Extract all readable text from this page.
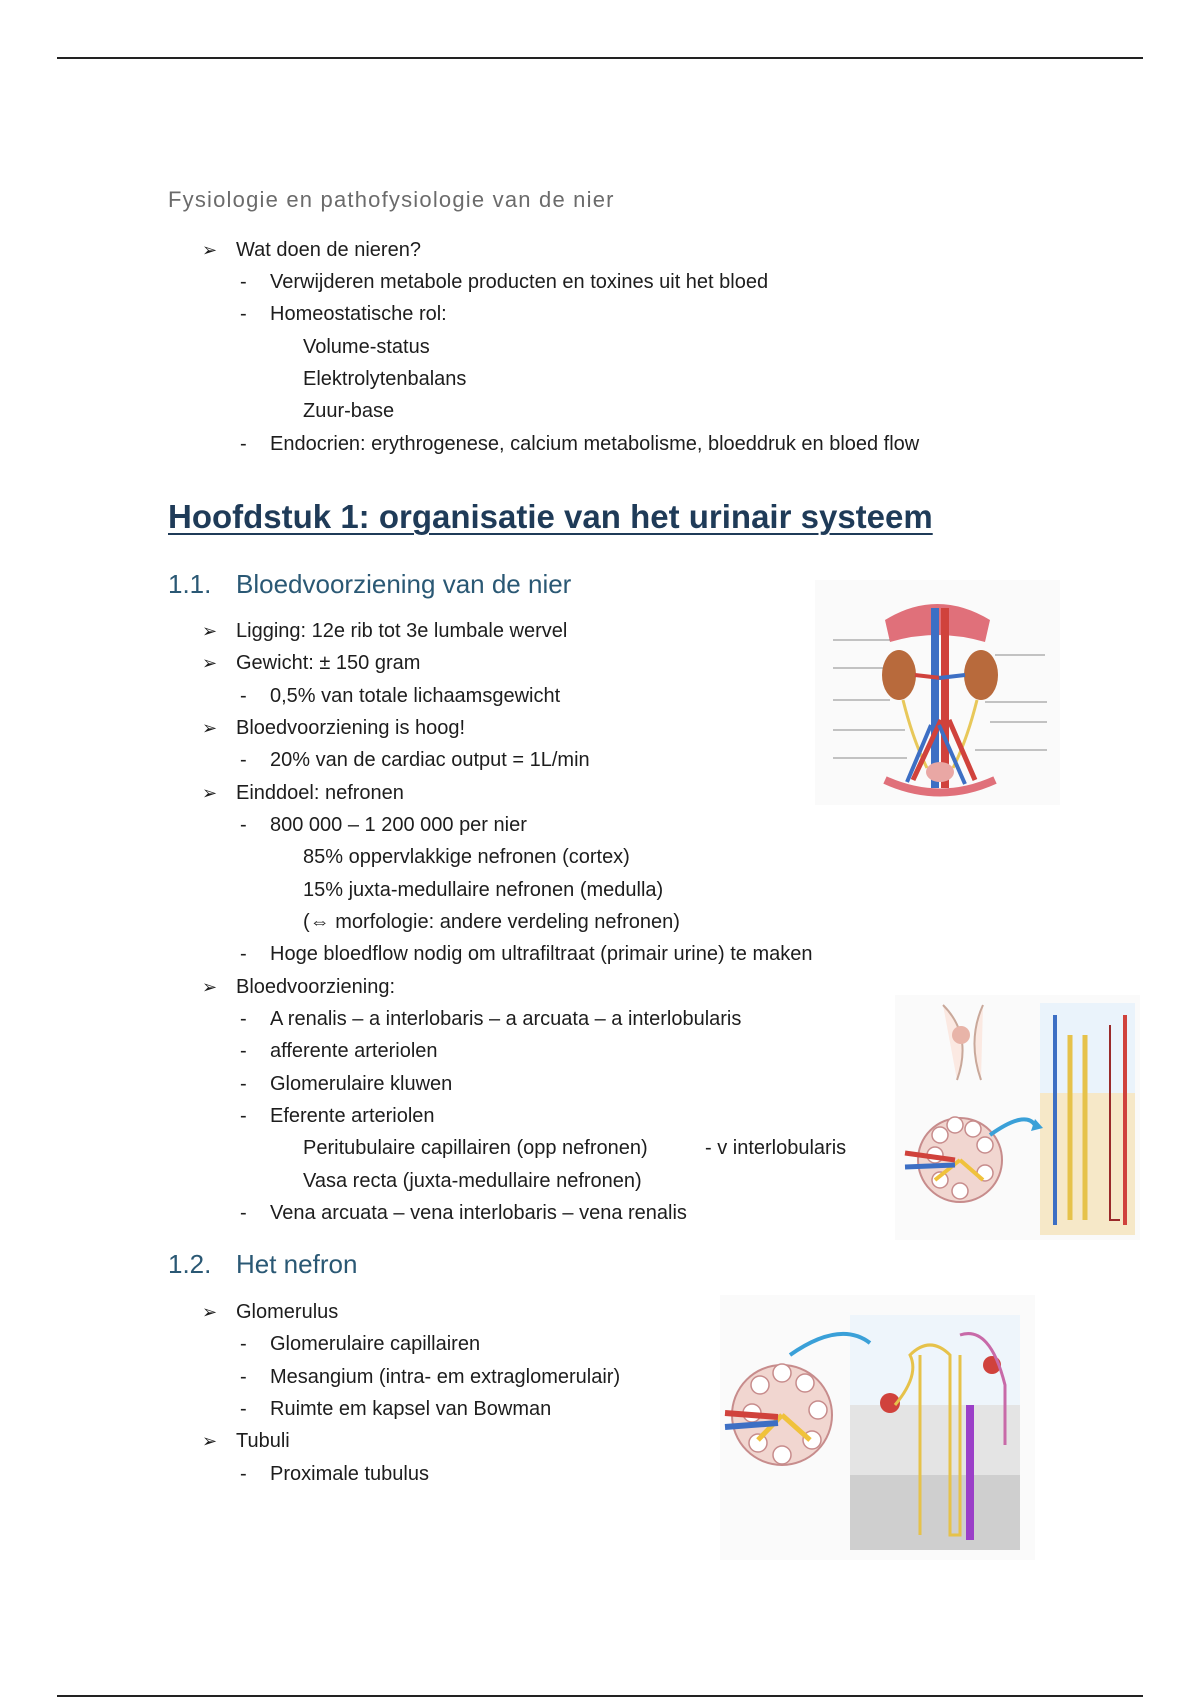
Fysiologie en pathofysiologie van de nier
➢ Wat doen de nieren?
- Verwijderen metabole producten en toxines uit het bloed
- Homeostatische rol:
Volume-status
Elektrolytenbalans
Zuur-base
- Endocrien: erythrogenese, calcium metabolisme, bloeddruk en bloed flow
Hoofdstuk 1: organisatie van het urinair systeem
1.1. Bloedvoorziening van de nier
➢ Ligging: 12e rib tot 3e lumbale wervel
➢ Gewicht: ± 150 gram
- 0,5% van totale lichaamsgewicht
➢ Bloedvoorziening is hoog!
- 20% van de cardiac output = 1L/min
➢ Einddoel: nefronen
- 800 000 – 1 200 000 per nier
85% oppervlakkige nefronen (cortex)
15% juxta-medullaire nefronen (medulla)
(⇔ morfologie: andere verdeling nefronen)
- Hoge bloedflow nodig om ultrafiltraat (primair urine) te maken
➢ Bloedvoorziening:
- A renalis – a interlobaris – a arcuata – a interlobularis
- afferente arteriolen
- Glomerulaire kluwen
- Eferente arteriolen
Peritubulaire capillairen (opp nefronen)	- v interlobularis
Vasa recta (juxta-medullaire nefronen)
- Vena arcuata – vena interlobaris – vena renalis
1.2. Het nefron
➢ Glomerulus
- Glomerulaire capillairen
- Mesangium (intra- em extraglomerulair)
- Ruimte em kapsel van Bowman
➢ Tubuli
- Proximale tubulus
